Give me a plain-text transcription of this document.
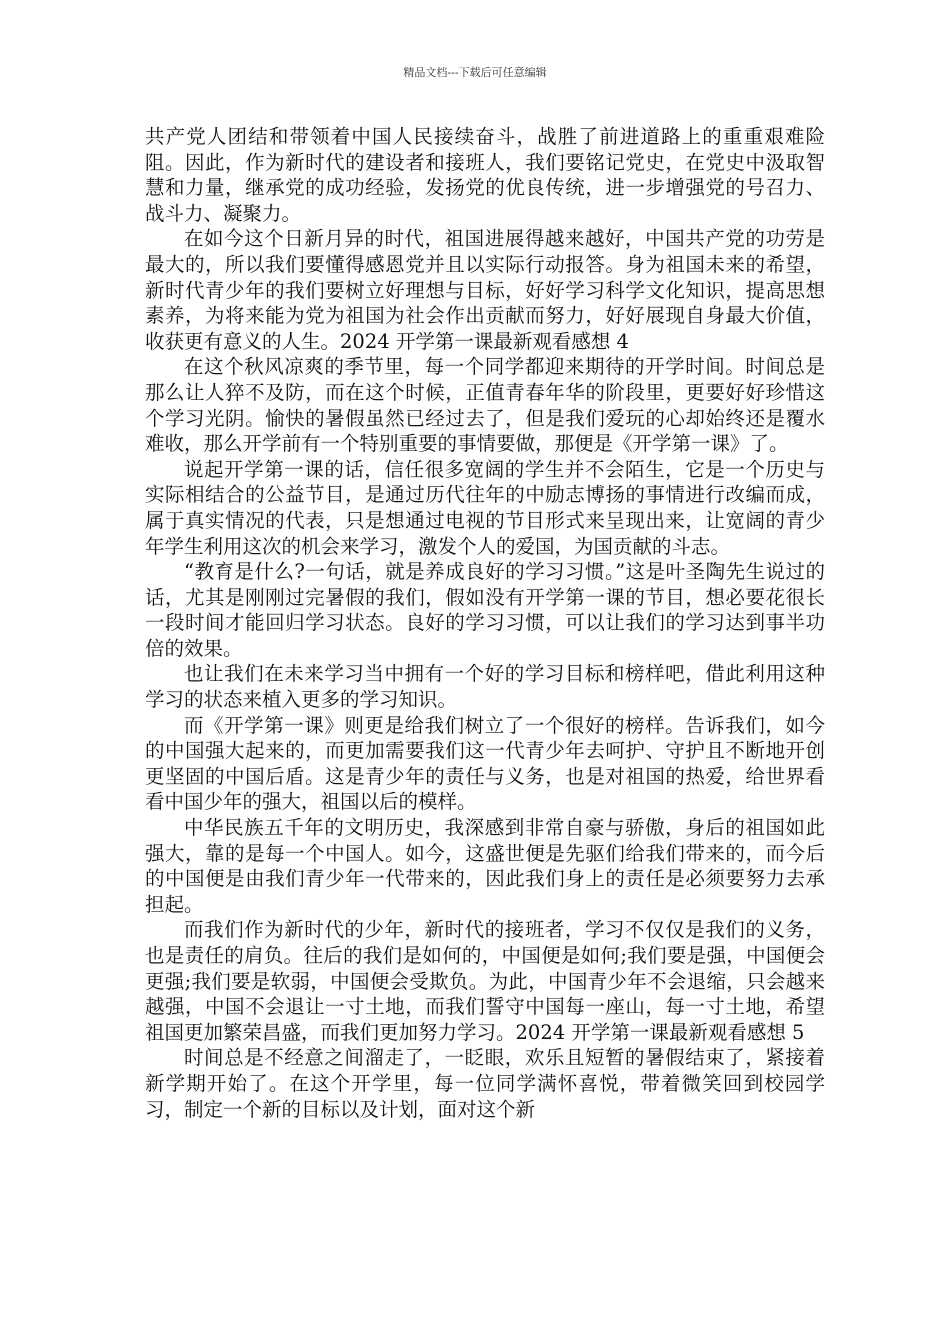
精品文档---下载后可任意编辑

共产党人团结和带领着中国人民接续奋斗，战胜了前进道路上的重重艰难险阻。因此，作为新时代的建设者和接班人，我们要铭记党史，在党史中汲取智慧和力量，继承党的成功经验，发扬党的优良传统，进一步增强党的号召力、战斗力、凝聚力。

在如今这个日新月异的时代，祖国进展得越来越好，中国共产党的功劳是最大的，所以我们要懂得感恩党并且以实际行动报答。身为祖国未来的希望，新时代青少年的我们要树立好理想与目标，好好学习科学文化知识，提高思想素养，为将来能为党为祖国为社会作出贡献而努力，好好展现自身最大价值，收获更有意义的人生。2024 开学第一课最新观看感想 4

在这个秋风凉爽的季节里，每一个同学都迎来期待的开学时间。时间总是那么让人猝不及防，而在这个时候，正值青春年华的阶段里，更要好好珍惜这个学习光阴。愉快的暑假虽然已经过去了，但是我们爱玩的心却始终还是覆水难收，那么开学前有一个特别重要的事情要做，那便是《开学第一课》了。

说起开学第一课的话，信任很多宽阔的学生并不会陌生，它是一个历史与实际相结合的公益节目，是通过历代往年的中励志博扬的事情进行改编而成，属于真实情况的代表，只是想通过电视的节目形式来呈现出来，让宽阔的青少年学生利用这次的机会来学习，激发个人的爱国，为国贡献的斗志。

“教育是什么?一句话，就是养成良好的学习习惯。”这是叶圣陶先生说过的话，尤其是刚刚过完暑假的我们，假如没有开学第一课的节目，想必要花很长一段时间才能回归学习状态。良好的学习习惯，可以让我们的学习达到事半功倍的效果。

也让我们在未来学习当中拥有一个好的学习目标和榜样吧，借此利用这种学习的状态来植入更多的学习知识。

而《开学第一课》则更是给我们树立了一个很好的榜样。告诉我们，如今的中国强大起来的，而更加需要我们这一代青少年去呵护、守护且不断地开创更坚固的中国后盾。这是青少年的责任与义务，也是对祖国的热爱，给世界看看中国少年的强大，祖国以后的模样。

中华民族五千年的文明历史，我深感到非常自豪与骄傲，身后的祖国如此强大，靠的是每一个中国人。如今，这盛世便是先驱们给我们带来的，而今后的中国便是由我们青少年一代带来的，因此我们身上的责任是必须要努力去承担起。

而我们作为新时代的少年，新时代的接班者，学习不仅仅是我们的义务，也是责任的肩负。往后的我们是如何的，中国便是如何;我们要是强，中国便会更强;我们要是软弱，中国便会受欺负。为此，中国青少年不会退缩，只会越来越强，中国不会退让一寸土地，而我们誓守中国每一座山，每一寸土地，希望祖国更加繁荣昌盛，而我们更加努力学习。2024 开学第一课最新观看感想 5

时间总是不经意之间溜走了，一眨眼，欢乐且短暂的暑假结束了，紧接着新学期开始了。在这个开学里，每一位同学满怀喜悦，带着微笑回到校园学习，制定一个新的目标以及计划，面对这个新
